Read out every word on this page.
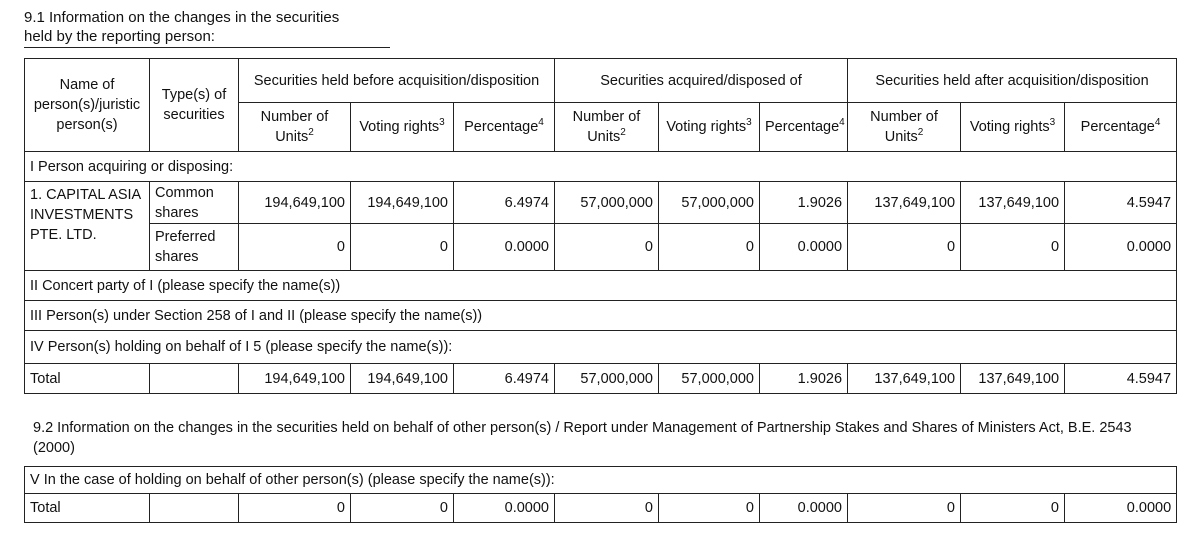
9.1 Information on the changes in the securities
held by the reporting person:
Name of person(s)/juristic person(s)	Type(s) of securities	Securities held before acquisition/disposition			Securities acquired/disposed of			Securities held after acquisition/disposition		
		Number of Units$^2$	Voting rights$^3$	Percentage$^4$	Number of Units$^2$	Voting rights$^3$	Percentage$^4$	Number of Units$^2$	Voting rights$^3$	Percentage$^4$
I Person acquiring or disposing:										
1. CAPITAL ASIA INVESTMENTS PTE. LTD.	Common shares	194,649,100	194,649,100	6.4974	57,000,000	57,000,000	1.9026	137,649,100	137,649,100	4.5947
	Preferred shares	0	0	0.0000	0	0	0.0000	0	0	0.0000
II Concert party of I (please specify the name(s))										
III Person(s) under Section 258 of I and II (please specify the name(s))										
IV Person(s) holding on behalf of I 5 (please specify the name(s)):										
Total		194,649,100	194,649,100	6.4974	57,000,000	57,000,000	1.9026	137,649,100	137,649,100	4.5947
9.2 Information on the changes in the securities held on behalf of other person(s) / Report under Management of Partnership Stakes and Shares of Ministers Act, B.E. 2543 (2000)
V In the case of holding on behalf of other person(s) (please specify the name(s)):
Total		0	0	0.0000	0	0	0.0000	0	0	0.0000
